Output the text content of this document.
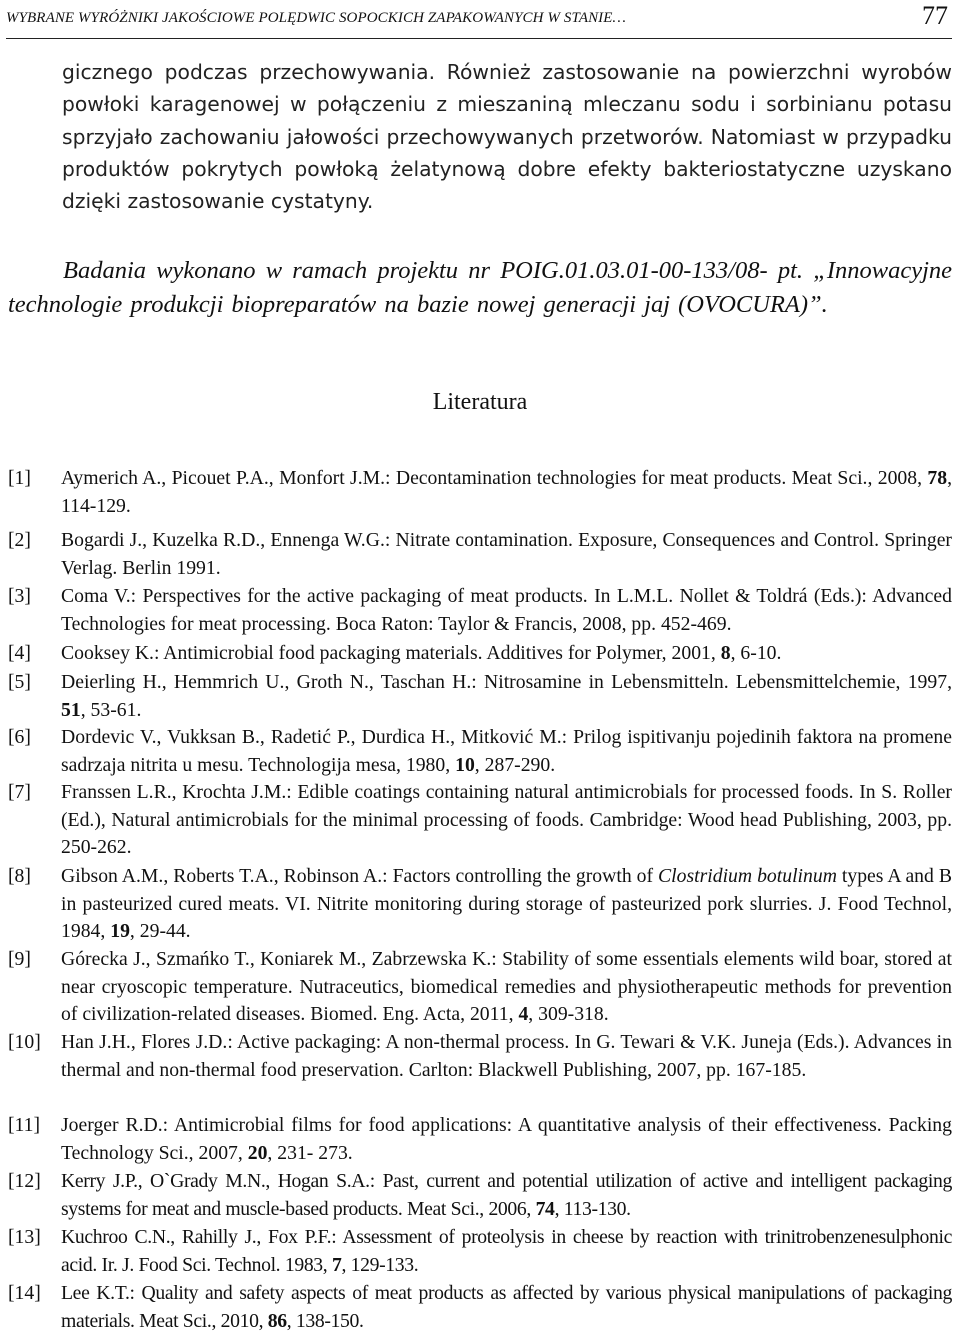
WYBRANE WYRÓŻNIKI JAKOŚCIOWE POLĘDWIC SOPOCKICH ZAPAKOWANYCH W STANIE…	77

gicznego podczas przechowywania. Również zastosowanie na powierzchni wyrobów powłoki karagenowej w połączeniu z mieszaniną mleczanu sodu i sorbinianu potasu sprzyjało zachowaniu jałowości przechowywanych przetworów. Natomiast w przypadku produktów pokrytych powłoką żelatynową dobre efekty bakteriostatyczne uzyskano dzięki zastosowanie cystatyny.

Badania wykonano w ramach projektu nr POIG.01.03.01-00-133/08- pt. „Innowacyjne technologie produkcji biopreparatów na bazie nowej generacji jaj (OVOCURA)”.

Literatura
[1]	Aymerich A., Picouet P.A., Monfort J.M.: Decontamination technologies for meat products. Meat Sci., 2008, 78, 114-129.
[2]	Bogardi J., Kuzelka R.D., Ennenga W.G.: Nitrate contamination. Exposure, Consequences and Control. Springer Verlag. Berlin 1991.
[3]	Coma V.: Perspectives for the active packaging of meat products. In L.M.L. Nollet & Toldrá (Eds.): Advanced Technologies for meat processing. Boca Raton: Taylor & Francis, 2008, pp. 452-469.
[4]	Cooksey K.: Antimicrobial food packaging materials. Additives for Polymer, 2001, 8, 6-10.
[5]	Deierling H., Hemmrich U., Groth N., Taschan H.: Nitrosamine in Lebensmitteln. Lebensmittelchemie, 1997, 51, 53-61.
[6]	Dordevic V., Vukksan B., Radetić P., Durdica H., Mitković M.: Prilog ispitivanju pojedinih faktora na promene sadrzaja nitrita u mesu. Technologija mesa, 1980, 10, 287-290.
[7]	Franssen L.R., Krochta J.M.: Edible coatings containing natural antimicrobials for processed foods. In S. Roller (Ed.), Natural antimicrobials for the minimal processing of foods. Cambridge: Wood head Publishing, 2003, pp. 250-262.
[8]	Gibson A.M., Roberts T.A., Robinson A.: Factors controlling the growth of Clostridium botulinum types A and B in pasteurized cured meats. VI. Nitrite monitoring during storage of pasteurized pork slurries. J. Food Technol, 1984, 19, 29-44.
[9]	Górecka J., Szmańko T., Koniarek M., Zabrzewska K.: Stability of some essentials elements wild boar, stored at near cryoscopic temperature. Nutraceutics, biomedical remedies and physiotherapeutic methods for prevention of civilization-related diseases. Biomed. Eng. Acta, 2011, 4, 309-318.
[10]	Han J.H., Flores J.D.: Active packaging: A non-thermal process. In G. Tewari & V.K. Juneja (Eds.). Advances in thermal and non-thermal food preservation. Carlton: Blackwell Publishing, 2007, pp. 167-185.
[11]	Joerger R.D.: Antimicrobial films for food applications: A quantitative analysis of their effectiveness. Packing Technology Sci., 2007, 20, 231- 273.
[12]	Kerry J.P., O`Grady M.N., Hogan S.A.: Past, current and potential utilization of active and intelligent packaging systems for meat and muscle-based products. Meat Sci., 2006, 74, 113-130.
[13]	Kuchroo C.N., Rahilly J., Fox P.F.: Assessment of proteolysis in cheese by reaction with trinitrobenzenesulphonic acid. Ir. J. Food Sci. Technol. 1983, 7, 129-133.
[14]	Lee K.T.: Quality and safety aspects of meat products as affected by various physical manipulations of packaging materials. Meat Sci., 2010, 86, 138-150.
